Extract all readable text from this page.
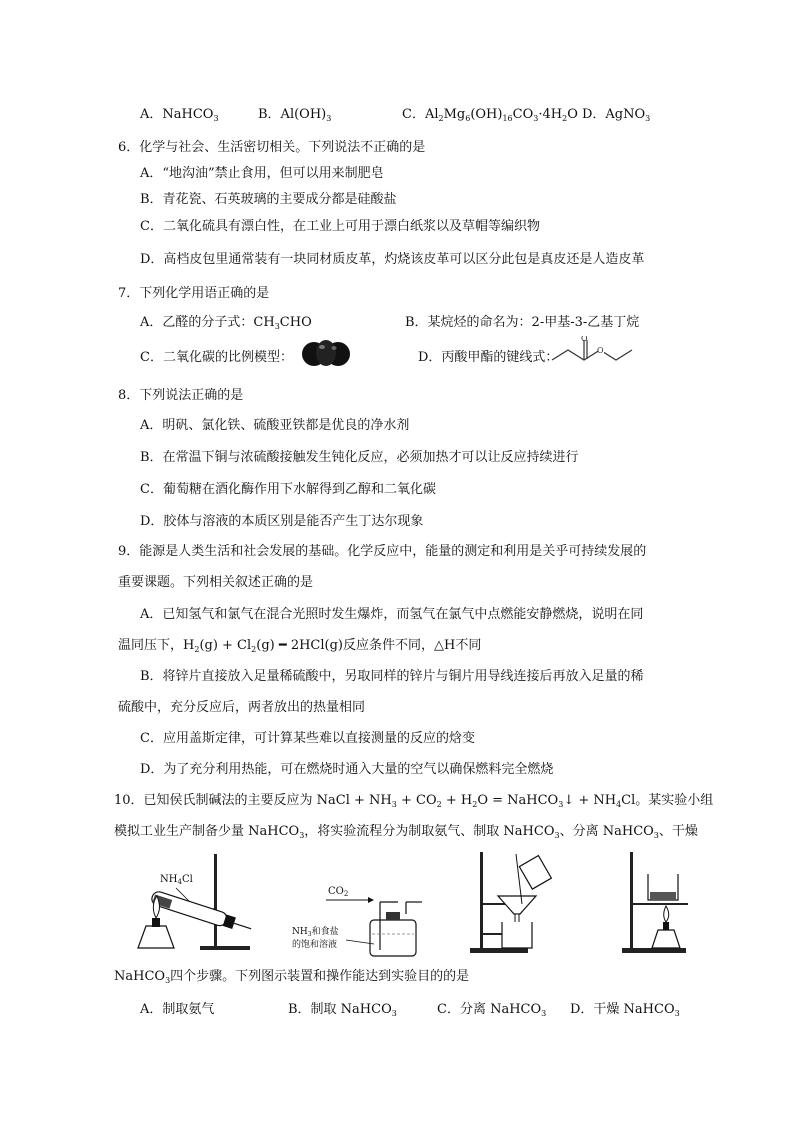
A．NaHCO$_3$	B．$Al(OH)_3$	C．$Al_2Mg_6(OH)_{16}CO_3\cdot 4H_2O$ D．AgNO$_3$
6．化学与社会、生活密切相关。下列说法不正确的是
A．“地沟油”禁止食用，但可以用来制肥皂
B．青花瓷、石英玻璃的主要成分都是硅酸盐
C．二氧化硫具有漂白性，在工业上可用于漂白纸浆以及草帽等编织物
D．高档皮包里通常装有一块同材质皮革，灼烧该皮革可以区分此包是真皮还是人造皮革
7．下列化学用语正确的是
A．乙醛的分子式：$CH_3CHO$	B．某烷烃的命名为：2-甲基-3-乙基丁烷
C．二氧化碳的比例模型：	D．丙酸甲酯的键线式：
O
O
8．下列说法正确的是
A．明矾、氯化铁、硫酸亚铁都是优良的净水剂
B．在常温下铜与浓硫酸接触发生钝化反应，必须加热才可以让反应持续进行
C．葡萄糖在酒化酶作用下水解得到乙醇和二氧化碳
D．胶体与溶液的本质区别是能否产生丁达尔现象
9．能源是人类生活和社会发展的基础。化学反应中，能量的测定和利用是关乎可持续发展的
重要课题。下列相关叙述正确的是
A．已知氢气和氯气在混合光照时发生爆炸，而氢气在氯气中点燃能安静燃烧，说明在同
温同压下，$H_2(g) + Cl_2(g)$ ━ 2HCl(g)反应条件不同，△H不同
B．将锌片直接放入足量稀硫酸中，另取同样的锌片与铜片用导线连接后再放入足量的稀
硫酸中，充分反应后，两者放出的热量相同
C．应用盖斯定律，可计算某些难以直接测量的反应的焓变
D．为了充分利用热能，可在燃烧时通入大量的空气以确保燃料完全燃烧
10．已知侯氏制碱法的主要反应为 NaCl + $NH_3 + CO_2 + H_2O$ = NaHCO$_3$↓ + $NH_4Cl$。某实验小组
模拟工业生产制备少量 NaHCO$_3$，将实验流程分为制取氨气、制取 NaHCO$_3$、分离 NaHCO$_3$、干燥
$NH_4Cl$
$CO_2$
$NH_3$和食盐
的饱和溶液
NaHCO$_3$四个步骤。下列图示装置和操作能达到实验目的的是
A．制取氨气	B．制取 NaHCO$_3$	C．分离 NaHCO$_3$ D．干燥 NaHCO$_3$
